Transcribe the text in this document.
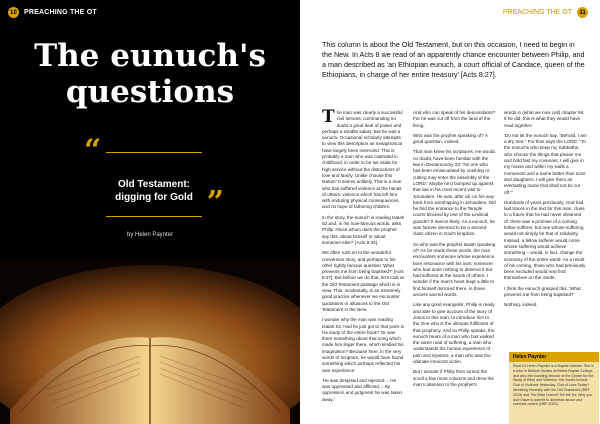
10 PREACHING THE OT
The eunuch's
questions
“
Old Testament:
digging for Gold ”
by Helen Paynter
PREACHING THE OT	11
This column is about the Old Testament, but on this occasion, I need to begin in the New. In Acts 8 we read of an apparently chance encounter between Philip, and a man described as 'an Ethiopian eunuch, a court official of Candace, queen of the Ethiopians, in charge of her entire treasury' [Acts 8:27].

The man was clearly a successful civil servant, commanding no doubt a good deal of power and perhaps a sizable salary. But he was a eunuch. Occasional scholarly attempts to view this description as metaphorical have largely been overruled. This is probably a man who was castrated in childhood, in order to be set aside for high service without the distractions of love and family. Unlike choose this status? It seems unlikely. This is a man who has suffered violence at the hands of others; violence which has left him with enduring physical consequences, and no hope of fathering children.

In the story, the eunuch is reading Isaiah 53 and, in his now-famous words, asks Philip 'About whom does the prophet say this, about himself or about someone else?' [Acts 8:34].

We often rush on to the wonderful conversion story, and perhaps to his other rightly famous question 'What prevents me from being baptised?' [Acts 8:37]. But before we do that, let's look at the Old Testament passage which is in view. This, incidentally, is an extremely good practice whenever we encounter quotations or allusions to the Old Testament in the New.

I wonder why the man was reading Isaiah 53. Had he just got to that point in his study of the entire book? Or was there something about that song which made him linger there, which kindled his imagination? Because here, in the very words of scripture, he would have found something which perhaps reflected his own experience:

'He was despised and rejected… He was oppressed and afflicted… By oppression and judgment he was taken away.'

And who can speak of his descendants? For he was cut off from the land of the living.

Who was the prophet speaking of? A good question, indeed.

That man knew his scriptures. He would, no doubt, have been familiar with the law in Deuteronomy 23: 'No one who has been emasculated by crushing or cutting may enter the assembly of the LORD.' Maybe he'd bumped up against that law in his most recent visit to Jerusalem. He was, after all, on his way back from worshipping in Jerusalem. Did he find the entrance to the Temple courts blocked by one of the Levitical guards? It seems likely. As a eunuch, he was forever deemed to be a second-class citizen in God's kingdom.

So who was the prophet Isaiah speaking of? As he reads these words, the man encounters someone whose experience bore resonance with his own; someone who had done nothing to deserve it but had suffered at the hands of others. I wonder if the man's heart leapt a little to find himself mirrored there, in those ancient sacred words.

Like any good evangelist, Philip is ready and able to give account of the story of Jesus to this man; to introduce him to the One who is the ultimate fulfilment of that prophecy. And so Philip speaks, the eunuch hears of a man who has walked the same road of suffering, a man who understands the human experience of pain and injustice, a man who was the ultimate innocent victim.

But I wonder if Philip then turned the scroll a few more columns and drew the man's attention to the prophet's

words in (what we now call) chapter 56. If he did, this is what they would have read together:

'Do not let the eunuch say, "Behold, I am a dry tree." For thus says the LORD: "To the eunuchs who keep my Sabbaths, who choose the things that please me and hold fast my covenant, I will give in my house and within my walls a monument and a name better than sons and daughters; I will give them an everlasting name that shall not be cut off."'

Hundreds of years previously, God had laid traces in the text for this man, clues to a future that he had never dreamed of: there was a promise of a coming fellow sufferer, but one whose suffering would not simply be that of solidarity. Instead, a fellow sufferer would come whose suffering would achieve something – would, in fact, change the economy of the entire world. As a result of his coming, those who had previously been excluded would now find themselves on the inside.

I think the eunuch grasped this. 'What prevents me from being baptised?'

Nothing, indeed.

Helen Paynter
Revd Dr Helen Paynter is a Baptist minister. She is a tutor in Biblical Studies at Bristol Baptist College, and also the founding director of the Centre for the Study of Bible and Violence. Her books include God of Violence Yesterday, God of Love Today? Wrestling Honestly with the Old Testament (BRF 2019) and The Bible Doesn't Tell Me So: Why you don't have to submit to domestic abuse and coercive control (BRF 2020).
